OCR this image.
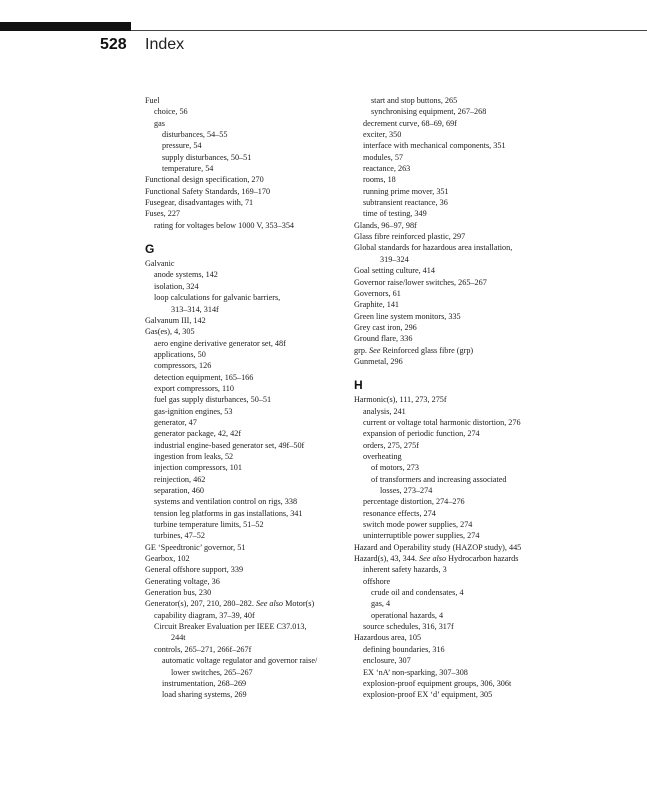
528 Index
Fuel
choice, 56
gas
disturbances, 54–55
pressure, 54
supply disturbances, 50–51
temperature, 54
Functional design specification, 270
Functional Safety Standards, 169–170
Fusegear, disadvantages with, 71
Fuses, 227
rating for voltages below 1000 V, 353–354
G
Galvanic
anode systems, 142
isolation, 324
loop calculations for galvanic barriers,
313–314, 314f
Galvanum III, 142
Gas(es), 4, 305
aero engine derivative generator set, 48f
applications, 50
compressors, 126
detection equipment, 165–166
export compressors, 110
fuel gas supply disturbances, 50–51
gas-ignition engines, 53
generator, 47
generator package, 42, 42f
industrial engine-based generator set, 49f–50f
ingestion from leaks, 52
injection compressors, 101
reinjection, 462
separation, 460
systems and ventilation control on rigs, 338
tension leg platforms in gas installations, 341
turbine temperature limits, 51–52
turbines, 47–52
GE ‘Speedtronic’ governor, 51
Gearbox, 102
General offshore support, 339
Generating voltage, 36
Generation bus, 230
Generator(s), 207, 210, 280–282. See also Motor(s)
capability diagram, 37–39, 40f
Circuit Breaker Evaluation per IEEE C37.013,
244t
controls, 265–271, 266f–267f
automatic voltage regulator and governor raise/
lower switches, 265–267
instrumentation, 268–269
load sharing systems, 269
start and stop buttons, 265
synchronising equipment, 267–268
decrement curve, 68–69, 69f
exciter, 350
interface with mechanical components, 351
modules, 57
reactance, 263
rooms, 18
running prime mover, 351
subtransient reactance, 36
time of testing, 349
Glands, 96–97, 98f
Glass fibre reinforced plastic, 297
Global standards for hazardous area installation,
319–324
Goal setting culture, 414
Governor raise/lower switches, 265–267
Governors, 61
Graphite, 141
Green line system monitors, 335
Grey cast iron, 296
Ground flare, 336
grp. See Reinforced glass fibre (grp)
Gunmetal, 296
H
Harmonic(s), 111, 273, 275f
analysis, 241
current or voltage total harmonic distortion, 276
expansion of periodic function, 274
orders, 275, 275f
overheating
of motors, 273
of transformers and increasing associated
losses, 273–274
percentage distortion, 274–276
resonance effects, 274
switch mode power supplies, 274
uninterruptible power supplies, 274
Hazard and Operability study (HAZOP study), 445
Hazard(s), 43, 344. See also Hydrocarbon hazards
inherent safety hazards, 3
offshore
crude oil and condensates, 4
gas, 4
operational hazards, 4
source schedules, 316, 317f
Hazardous area, 105
defining boundaries, 316
enclosure, 307
EX ‘nA’ non-sparking, 307–308
explosion-proof equipment groups, 306, 306t
explosion-proof EX ‘d’ equipment, 305
